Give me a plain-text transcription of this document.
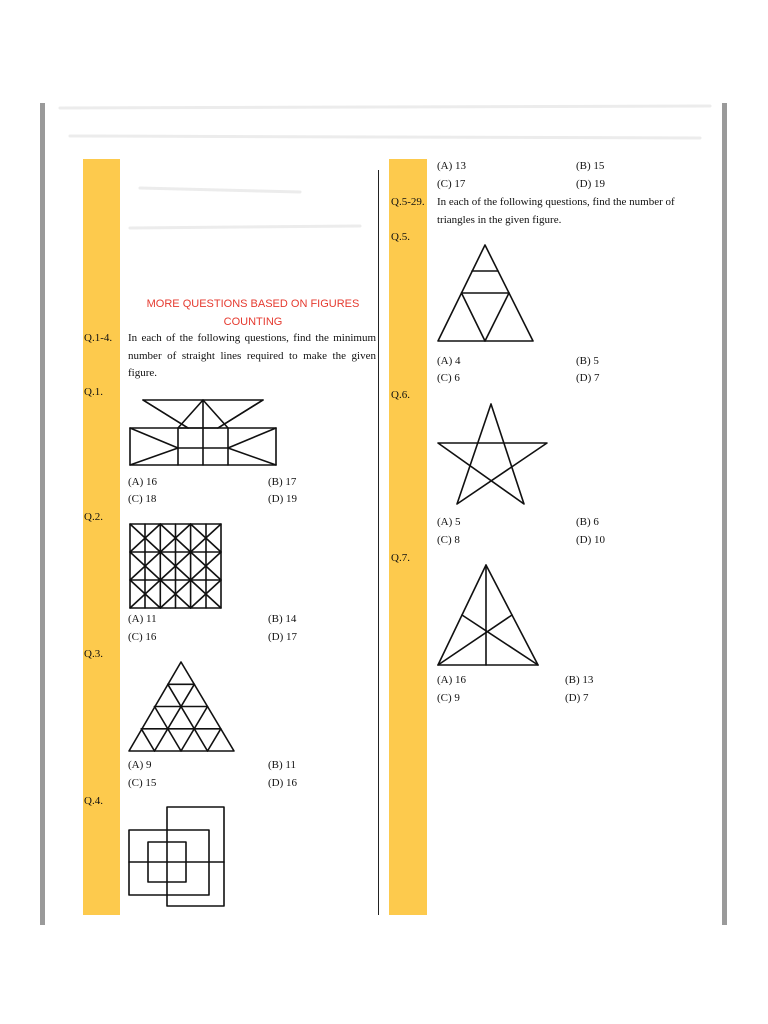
MORE QUESTIONS BASED ON FIGURES COUNTING
Q.1-4. In each of the following questions, find the minimum number of straight lines required to make the given figure.
Q.1.
(A) 16	(B) 17
(C) 18	(D) 19
Q.2.
(A) 11	(B) 14
(C) 16	(D) 17
Q.3.
(A) 9	(B) 11
(C) 15	(D) 16
Q.4.
(A) 13	(B) 15
(C) 17	(D) 19
Q.5-29. In each of the following questions, find the number of triangles in the given figure.
Q.5.
(A) 4	(B) 5
(C) 6	(D) 7
Q.6.
(A) 5	(B) 6
(C) 8	(D) 10
Q.7.
(A) 16	(B) 13
(C) 9	(D) 7
